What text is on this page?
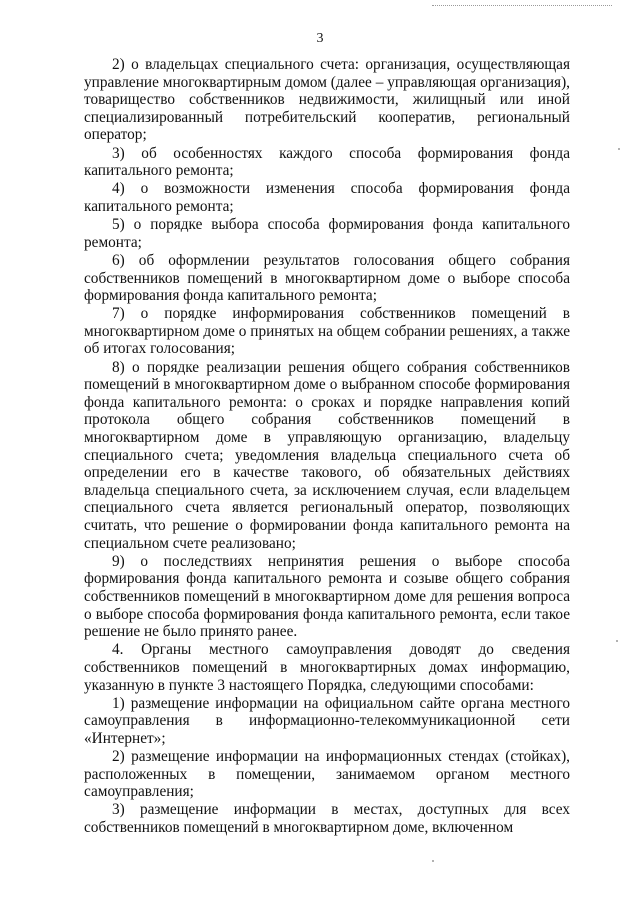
3

2) о владельцах специального счета: организация, осуществляющая управление многоквартирным домом (далее – управляющая организация), товарищество собственников недвижимости, жилищный или иной специализированный потребительский кооператив, региональный оператор;

3) об особенностях каждого способа формирования фонда капитального ремонта;

4) о возможности изменения способа формирования фонда капитального ремонта;

5) о порядке выбора способа формирования фонда капитального ремонта;

6) об оформлении результатов голосования общего собрания собственников помещений в многоквартирном доме о выборе способа формирования фонда капитального ремонта;

7) о порядке информирования собственников помещений в многоквартирном доме о принятых на общем собрании решениях, а также об итогах голосования;

8) о порядке реализации решения общего собрания собственников помещений в многоквартирном доме о выбранном способе формирования фонда капитального ремонта: о сроках и порядке направления копий протокола общего собрания собственников помещений в многоквартирном доме в управляющую организацию, владельцу специального счета; уведомления владельца специального счета об определении его в качестве такового, об обязательных действиях владельца специального счета, за исключением случая, если владельцем специального счета является региональный оператор, позволяющих считать, что решение о формировании фонда капитального ремонта на специальном счете реализовано;

9) о последствиях непринятия решения о выборе способа формирования фонда капитального ремонта и созыве общего собрания собственников помещений в многоквартирном доме для решения вопроса о выборе способа формирования фонда капитального ремонта, если такое решение не было принято ранее.

4. Органы местного самоуправления доводят до сведения собственников помещений в многоквартирных домах информацию, указанную в пункте 3 настоящего Порядка, следующими способами:

1) размещение информации на официальном сайте органа местного самоуправления в информационно-телекоммуникационной сети «Интернет»;

2) размещение информации на информационных стендах (стойках), расположенных в помещении, занимаемом органом местного самоуправления;

3) размещение информации в местах, доступных для всех собственников помещений в многоквартирном доме, включенном
